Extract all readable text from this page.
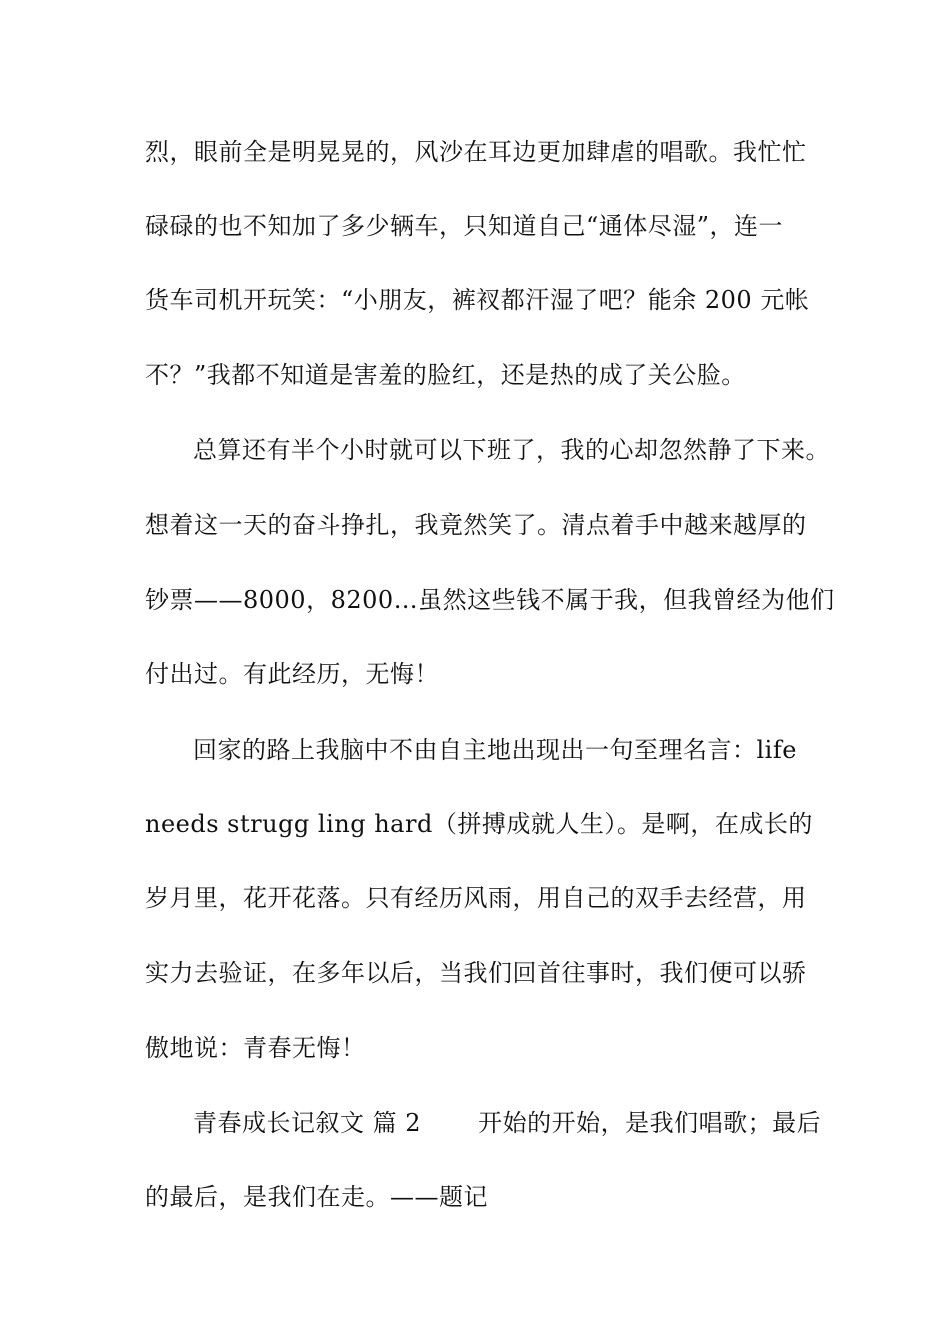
烈，眼前全是明晃晃的，风沙在耳边更加肆虐的唱歌。我忙忙
碌碌的也不知加了多少辆车，只知道自己“通体尽湿”，连一
货车司机开玩笑：“小朋友，裤衩都汗湿了吧？能余 200 元帐
不？”我都不知道是害羞的脸红，还是热的成了关公脸。
总算还有半个小时就可以下班了，我的心却忽然静了下来。
想着这一天的奋斗挣扎，我竟然笑了。清点着手中越来越厚的
钞票——8000，8200…虽然这些钱不属于我，但我曾经为他们
付出过。有此经历，无悔！
回家的路上我脑中不由自主地出现出一句至理名言：life
needs strugg ling hard（拼搏成就人生）。是啊，在成长的
岁月里，花开花落。只有经历风雨，用自己的双手去经营，用
实力去验证，在多年以后，当我们回首往事时，我们便可以骄
傲地说：青春无悔！
青春成长记叙文 篇 2 　　开始的开始，是我们唱歌；最后
的最后，是我们在走。——题记
